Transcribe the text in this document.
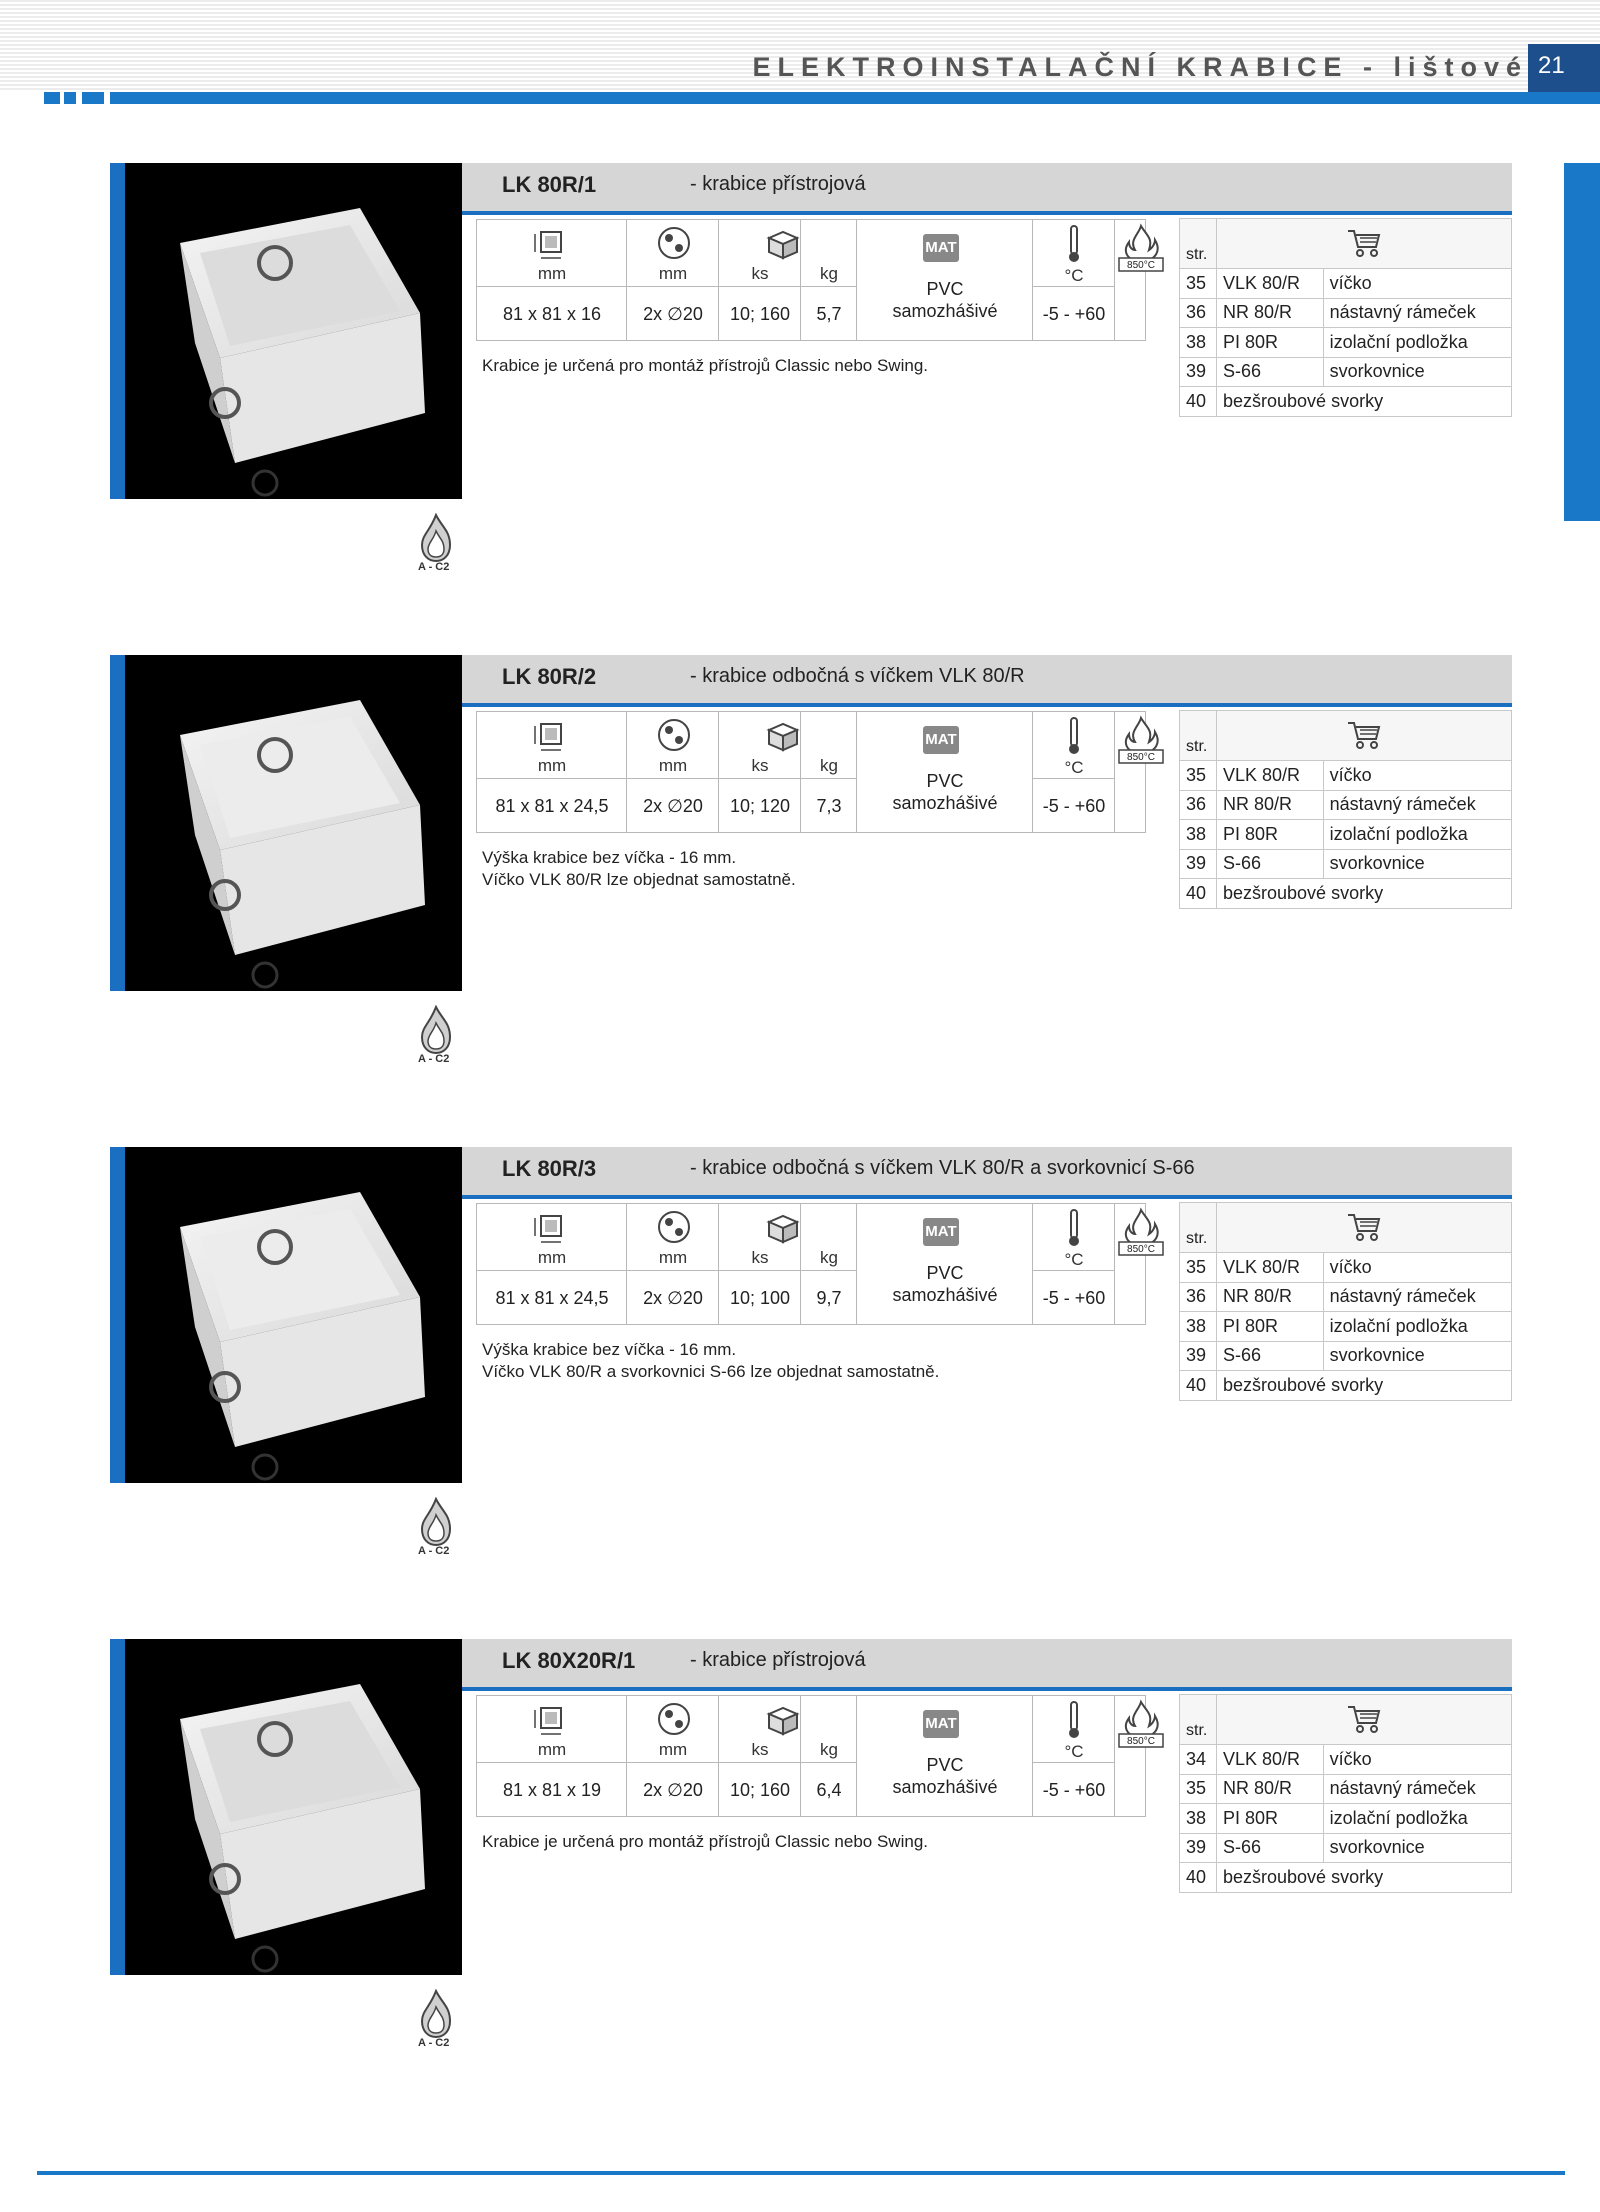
ELEKTROINSTALAČNÍ KRABICE - lištové 21
LK 80R/1	- krabice přístrojová
MAT
mm	mm	ks	kg	°C
81 x 81 x 16	2x ∅20	10; 160	5,7
PVC
samozhášivé	-5 - +60
850°C
Krabice je určená pro montáž přístrojů Classic nebo Swing.
str.	
35	VLK 80/R	víčko
36	NR 80/R	nástavný rámeček
38	PI 80R	izolační podložka
39	S-66	svorkovnice
40	bezšroubové svorky	
A - C2
LK 80R/2	- krabice odbočná s víčkem VLK 80/R
MAT
mm	mm	ks	kg	°C
81 x 81 x 24,5	2x ∅20	10; 120	7,3
PVC
samozhášivé	-5 - +60
850°C
Výška krabice bez víčka - 16 mm.
Víčko VLK 80/R lze objednat samostatně.
str.	
35	VLK 80/R	víčko
36	NR 80/R	nástavný rámeček
38	PI 80R	izolační podložka
39	S-66	svorkovnice
40	bezšroubové svorky	
A - C2
LK 80R/3	- krabice odbočná s víčkem VLK 80/R a svorkovnicí S-66
MAT
mm	mm	ks	kg	°C
81 x 81 x 24,5	2x ∅20	10; 100	9,7
PVC
samozhášivé	-5 - +60
850°C
Výška krabice bez víčka - 16 mm.
Víčko VLK 80/R a svorkovnici S-66 lze objednat samostatně.
str.	
35	VLK 80/R	víčko
36	NR 80/R	nástavný rámeček
38	PI 80R	izolační podložka
39	S-66	svorkovnice
40	bezšroubové svorky	
A - C2
LK 80X20R/1	- krabice přístrojová
MAT
mm	mm	ks	kg	°C
81 x 81 x 19	2x ∅20	10; 160	6,4
PVC
samozhášivé	-5 - +60
850°C
Krabice je určená pro montáž přístrojů Classic nebo Swing.
str.	
34	VLK 80/R	víčko
35	NR 80/R	nástavný rámeček
38	PI 80R	izolační podložka
39	S-66	svorkovnice
40	bezšroubové svorky	
A - C2
